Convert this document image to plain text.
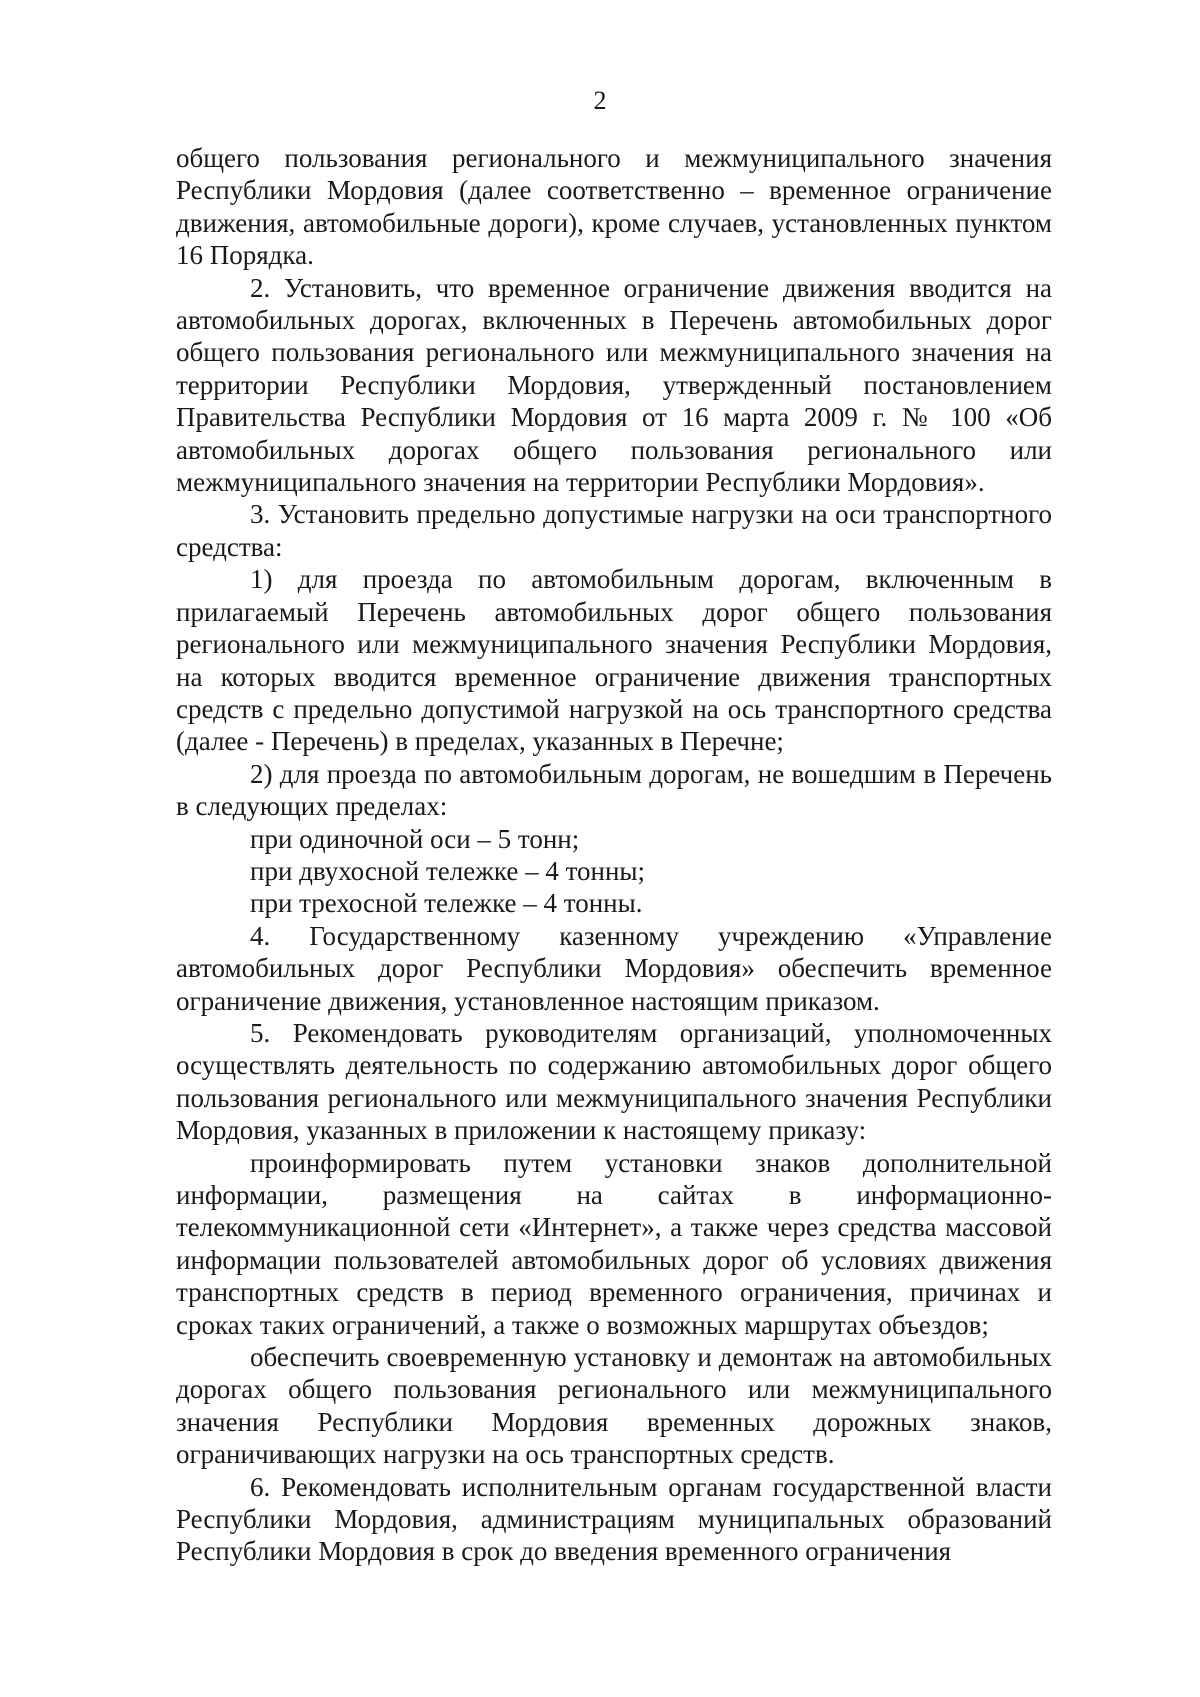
2

общего пользования регионального и межмуниципального значения Республики Мордовия (далее соответственно – временное ограничение движения, автомобильные дороги), кроме случаев, установленных пунктом 16 Порядка.

2. Установить, что временное ограничение движения вводится на автомобильных дорогах, включенных в Перечень автомобильных дорог общего пользования регионального или межмуниципального значения на территории Республики Мордовия, утвержденный постановлением Правительства Республики Мордовия от 16 марта 2009 г. № 100 «Об автомобильных дорогах общего пользования регионального или межмуниципального значения на территории Республики Мордовия».

3. Установить предельно допустимые нагрузки на оси транспортного средства:

1) для проезда по автомобильным дорогам, включенным в прилагаемый Перечень автомобильных дорог общего пользования регионального или межмуниципального значения Республики Мордовия, на которых вводится временное ограничение движения транспортных средств с предельно допустимой нагрузкой на ось транспортного средства (далее - Перечень) в пределах, указанных в Перечне;

2) для проезда по автомобильным дорогам, не вошедшим в Перечень в следующих пределах:

при одиночной оси – 5 тонн;

при двухосной тележке – 4 тонны;

при трехосной тележке – 4 тонны.

4. Государственному казенному учреждению «Управление автомобильных дорог Республики Мордовия» обеспечить временное ограничение движения, установленное настоящим приказом.

5. Рекомендовать руководителям организаций, уполномоченных осуществлять деятельность по содержанию автомобильных дорог общего пользования регионального или межмуниципального значения Республики Мордовия, указанных в приложении к настоящему приказу:

проинформировать путем установки знаков дополнительной информации, размещения на сайтах в информационно-телекоммуникационной сети «Интернет», а также через средства массовой информации пользователей автомобильных дорог об условиях движения транспортных средств в период временного ограничения, причинах и сроках таких ограничений, а также о возможных маршрутах объездов;

обеспечить своевременную установку и демонтаж на автомобильных дорогах общего пользования регионального или межмуниципального значения Республики Мордовия временных дорожных знаков, ограничивающих нагрузки на ось транспортных средств.

6. Рекомендовать исполнительным органам государственной власти Республики Мордовия, администрациям муниципальных образований Республики Мордовия в срок до введения временного ограничения
